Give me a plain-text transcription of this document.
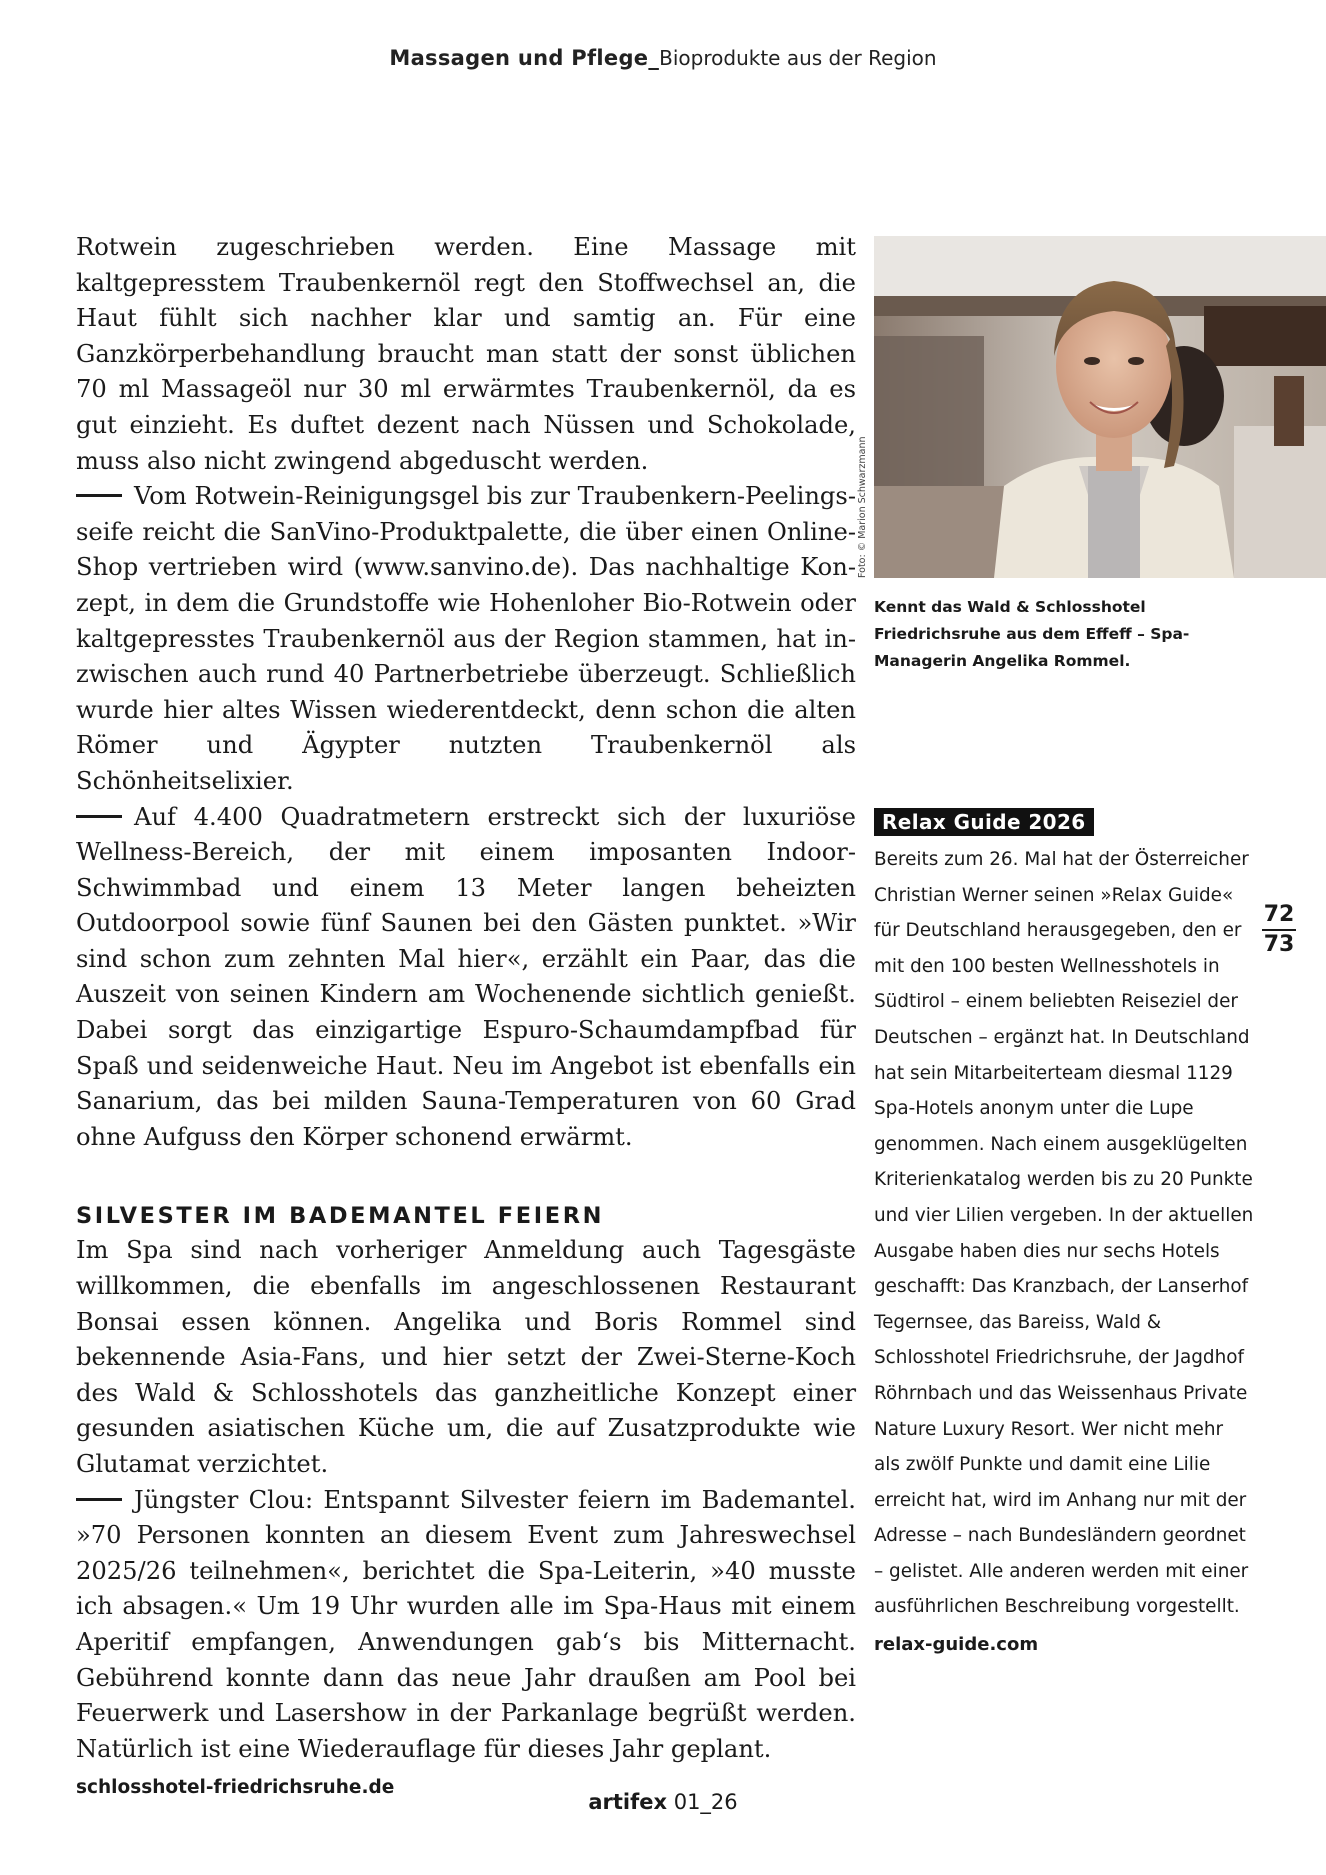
Massagen und Pflege_Bioprodukte aus der Region

Rotwein zugeschrieben werden. Eine Massage mit kaltgepresstem Traubenkernöl regt den Stoffwechsel an, die Haut fühlt sich nachher klar und samtig an. Für eine Ganzkörperbehandlung braucht man statt der sonst üblichen 70 ml Massageöl nur 30 ml erwärmtes Traubenkernöl, da es gut einzieht. Es duftet dezent nach Nüssen und Schokolade, muss also nicht zwingend abgeduscht werden.

Vom Rotwein-Reinigungsgel bis zur Traubenkern-Peelingsseife reicht die SanVino-Produktpalette, die über einen Online-Shop vertrieben wird (www.sanvino.de). Das nachhaltige Konzept, in dem die Grundstoffe wie Hohenloher Bio-Rotwein oder kaltgepresstes Traubenkernöl aus der Region stammen, hat inzwischen auch rund 40 Partnerbetriebe überzeugt. Schließlich wurde hier altes Wissen wiederentdeckt, denn schon die alten Römer und Ägypter nutzten Traubenkernöl als Schönheitselixier.

Auf 4.400 Quadratmetern erstreckt sich der luxuriöse Wellness-Bereich, der mit einem imposanten Indoor-Schwimmbad und einem 13 Meter langen beheizten Outdoorpool sowie fünf Saunen bei den Gästen punktet. »Wir sind schon zum zehnten Mal hier«, erzählt ein Paar, das die Auszeit von seinen Kindern am Wochenende sichtlich genießt. Dabei sorgt das einzigartige Espuro-Schaumdampfbad für Spaß und seidenweiche Haut. Neu im Angebot ist ebenfalls ein Sanarium, das bei milden Sauna-Temperaturen von 60 Grad ohne Aufguss den Körper schonend erwärmt.

SILVESTER IM BADEMANTEL FEIERN

Im Spa sind nach vorheriger Anmeldung auch Tagesgäste willkommen, die ebenfalls im angeschlossenen Restaurant Bonsai essen können. Angelika und Boris Rommel sind bekennende Asia-Fans, und hier setzt der Zwei-Sterne-Koch des Wald & Schlosshotels das ganzheitliche Konzept einer gesunden asiatischen Küche um, die auf Zusatzprodukte wie Glutamat verzichtet.

Jüngster Clou: Entspannt Silvester feiern im Bademantel. »70 Personen konnten an diesem Event zum Jahreswechsel 2025/26 teilnehmen«, berichtet die Spa-Leiterin, »40 musste ich absagen.« Um 19 Uhr wurden alle im Spa-Haus mit einem Aperitif empfangen, Anwendungen gab‘s bis Mitternacht. Gebührend konnte dann das neue Jahr draußen am Pool bei Feuerwerk und Lasershow in der Parkanlage begrüßt werden. Natürlich ist eine Wiederauflage für dieses Jahr geplant.

schlosshotel-friedrichsruhe.de
Foto: © Marion Schwarzmann
Kennt das Wald & Schlosshotel Friedrichsruhe aus dem Effeff – Spa-Managerin Angelika Rommel.
Relax Guide 2026

Bereits zum 26. Mal hat der Österreicher Christian Werner seinen »Relax Guide« für Deutschland herausgegeben, den er mit den 100 besten Wellnesshotels in Südtirol – einem beliebten Reiseziel der Deutschen – ergänzt hat. In Deutschland hat sein Mitarbeiterteam diesmal 1129 Spa-Hotels anonym unter die Lupe genommen. Nach einem ausgeklügelten Kriterienkatalog werden bis zu 20 Punkte und vier Lilien vergeben. In der aktuellen Ausgabe haben dies nur sechs Hotels geschafft: Das Kranzbach, der Lanserhof Tegernsee, das Bareiss, Wald & Schlosshotel Friedrichsruhe, der Jagdhof Röhrnbach und das Weissenhaus Private Nature Luxury Resort. Wer nicht mehr als zwölf Punkte und damit eine Lilie erreicht hat, wird im Anhang nur mit der Adresse – nach Bundesländern geordnet – gelistet. Alle anderen werden mit einer ausführlichen Beschreibung vorgestellt.

relax-guide.com
72
73
artifex 01_26
